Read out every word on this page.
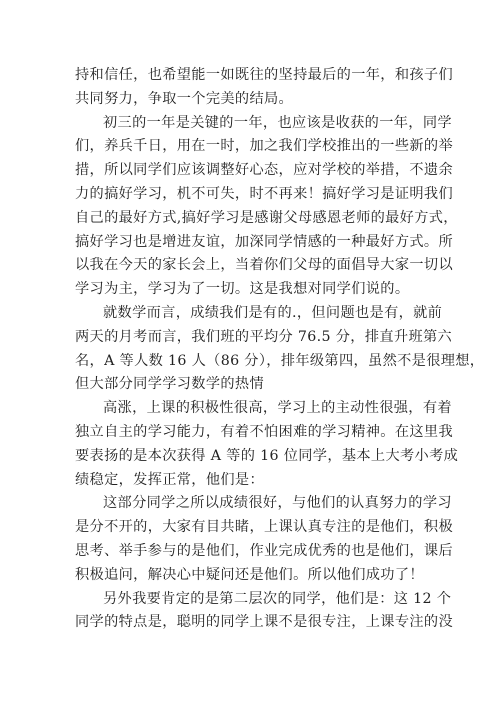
持和信任，也希望能一如既往的坚持最后的一年，和孩子们
共同努力，争取一个完美的结局。
初三的一年是关键的一年，也应该是收获的一年，同学
们，养兵千日，用在一时，加之我们学校推出的一些新的举
措，所以同学们应该调整好心态，应对学校的举措，不遗余
力的搞好学习，机不可失，时不再来！搞好学习是证明我们
自己的最好方式,搞好学习是感谢父母感恩老师的最好方式，
搞好学习也是增进友谊，加深同学情感的一种最好方式。所
以我在今天的家长会上，当着你们父母的面倡导大家一切以
学习为主，学习为了一切。这是我想对同学们说的。
就数学而言，成绩我们是有的.，但问题也是有，就前
两天的月考而言，我们班的平均分 76.5 分，排直升班第六
名，A 等人数 16 人（86 分），排年级第四，虽然不是很理想，
但大部分同学学习数学的热情
高涨，上课的积极性很高，学习上的主动性很强，有着
独立自主的学习能力，有着不怕困难的学习精神。在这里我
要表扬的是本次获得 A 等的 16 位同学，基本上大考小考成
绩稳定，发挥正常，他们是：
这部分同学之所以成绩很好，与他们的认真努力的学习
是分不开的，大家有目共睹，上课认真专注的是他们，积极
思考、举手参与的是他们，作业完成优秀的也是他们，课后
积极追问，解决心中疑问还是他们。所以他们成功了！
另外我要肯定的是第二层次的同学，他们是：这 12 个
同学的特点是，聪明的同学上课不是很专注，上课专注的没
